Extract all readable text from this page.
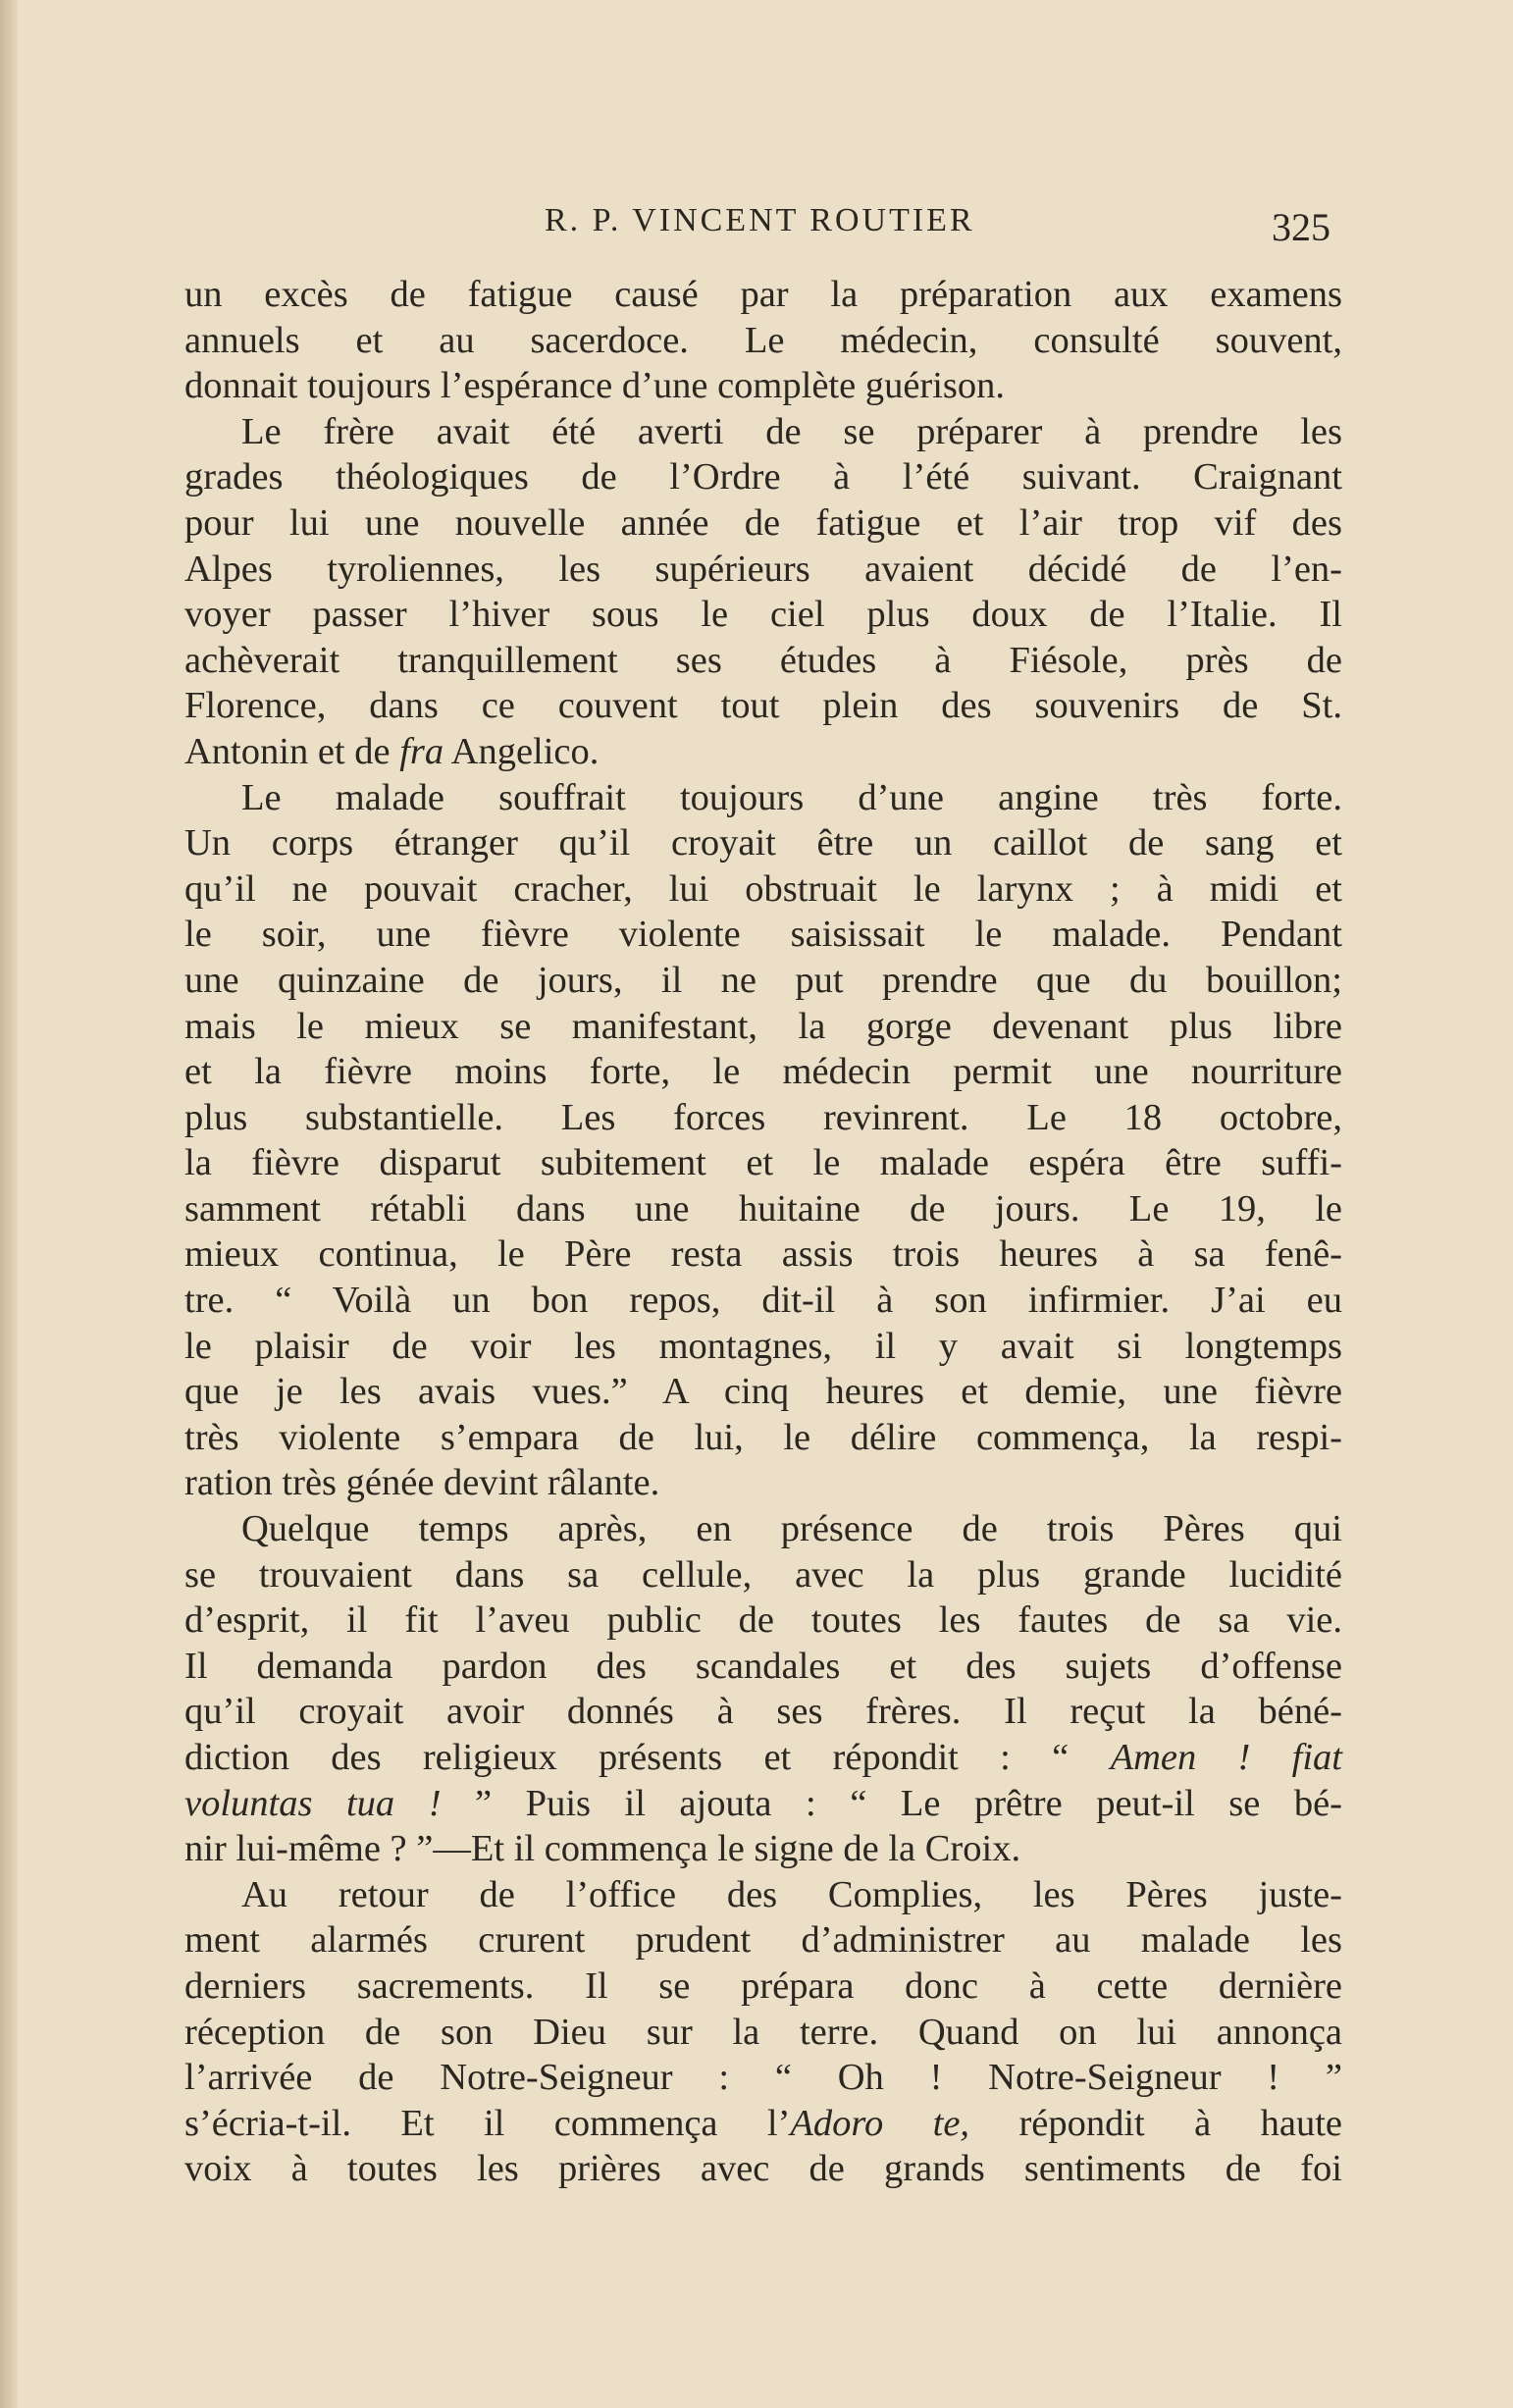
R. P. VINCENT ROUTIER	325
un excès de fatigue causé par la préparation aux examens
annuels et au sacerdoce. Le médecin, consulté souvent,
donnait toujours l’espérance d’une complète guérison.
Le frère avait été averti de se préparer à prendre les
grades théologiques de l’Ordre à l’été suivant. Craignant
pour lui une nouvelle année de fatigue et l’air trop vif des
Alpes tyroliennes, les supérieurs avaient décidé de l’en-
voyer passer l’hiver sous le ciel plus doux de l’Italie. Il
achèverait tranquillement ses études à Fiésole, près de
Florence, dans ce couvent tout plein des souvenirs de St.
Antonin et de fra Angelico.
Le malade souffrait toujours d’une angine très forte.
Un corps étranger qu’il croyait être un caillot de sang et
qu’il ne pouvait cracher, lui obstruait le larynx ; à midi et
le soir, une fièvre violente saisissait le malade. Pendant
une quinzaine de jours, il ne put prendre que du bouillon;
mais le mieux se manifestant, la gorge devenant plus libre
et la fièvre moins forte, le médecin permit une nourriture
plus substantielle. Les forces revinrent. Le 18 octobre,
la fièvre disparut subitement et le malade espéra être suffi-
samment rétabli dans une huitaine de jours. Le 19, le
mieux continua, le Père resta assis trois heures à sa fenê-
tre. “ Voilà un bon repos, dit-il à son infirmier. J’ai eu
le plaisir de voir les montagnes, il y avait si longtemps
que je les avais vues.” A cinq heures et demie, une fièvre
très violente s’empara de lui, le délire commença, la respi-
ration très génée devint râlante.
Quelque temps après, en présence de trois Pères qui
se trouvaient dans sa cellule, avec la plus grande lucidité
d’esprit, il fit l’aveu public de toutes les fautes de sa vie.
Il demanda pardon des scandales et des sujets d’offense
qu’il croyait avoir donnés à ses frères. Il reçut la béné-
diction des religieux présents et répondit : “ Amen ! fiat
voluntas tua ! ” Puis il ajouta : “ Le prêtre peut-il se bé-
nir lui-même ? ”—Et il commença le signe de la Croix.
Au retour de l’office des Complies, les Pères juste-
ment alarmés crurent prudent d’administrer au malade les
derniers sacrements. Il se prépara donc à cette dernière
réception de son Dieu sur la terre. Quand on lui annonça
l’arrivée de Notre-Seigneur : “ Oh ! Notre-Seigneur ! ”
s’écria-t-il. Et il commença l’Adoro te, répondit à haute
voix à toutes les prières avec de grands sentiments de foi
